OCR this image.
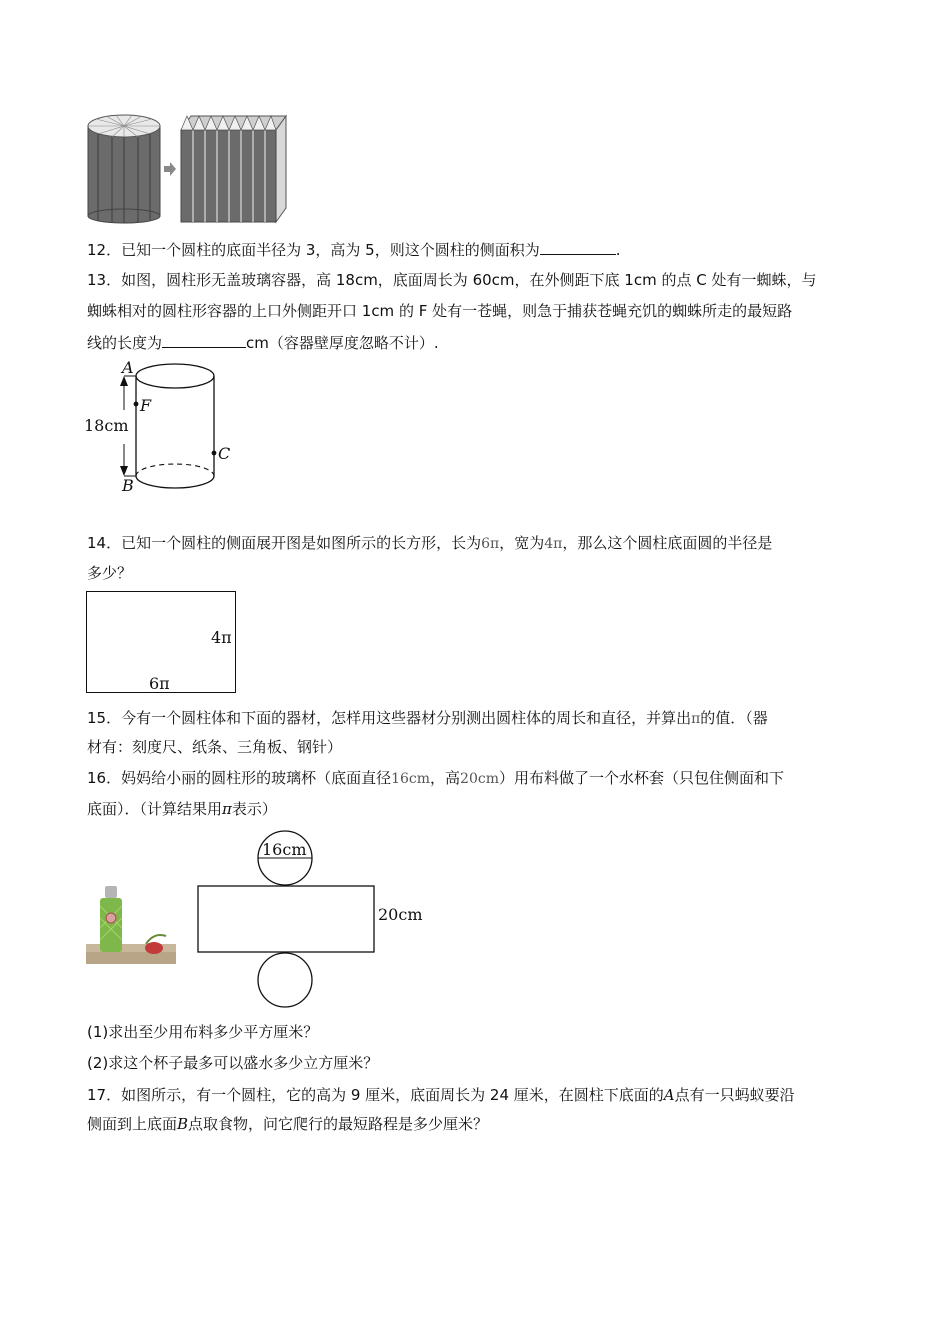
12．已知一个圆柱的底面半径为 3，高为 5，则这个圆柱的侧面积为	.
13．如图，圆柱形无盖玻璃容器，高 18cm，底面周长为 60cm，在外侧距下底 1cm 的点 C 处有一蜘蛛，与
蜘蛛相对的圆柱形容器的上口外侧距开口 1cm 的 F 处有一苍蝇，则急于捕获苍蝇充饥的蜘蛛所走的最短路
线的长度为	cm（容器壁厚度忽略不计）.
18cm
A
B
F
C
14．已知一个圆柱的侧面展开图是如图所示的长方形，长为6π，宽为4π，那么这个圆柱底面圆的半径是
多少？
4π
6π
15．今有一个圆柱体和下面的器材，怎样用这些器材分别测出圆柱体的周长和直径，并算出π的值．（器
材有：刻度尺、纸条、三角板、钢针）
16．妈妈给小丽的圆柱形的玻璃杯（底面直径16cm，高20cm）用布料做了一个水杯套（只包住侧面和下
底面）．（计算结果用π表示）
16cm
20cm
(1)求出至少用布料多少平方厘米？
(2)求这个杯子最多可以盛水多少立方厘米？
17．如图所示，有一个圆柱，它的高为 9 厘米，底面周长为 24 厘米，在圆柱下底面的A点有一只蚂蚁要沿
侧面到上底面B点取食物，问它爬行的最短路程是多少厘米？
